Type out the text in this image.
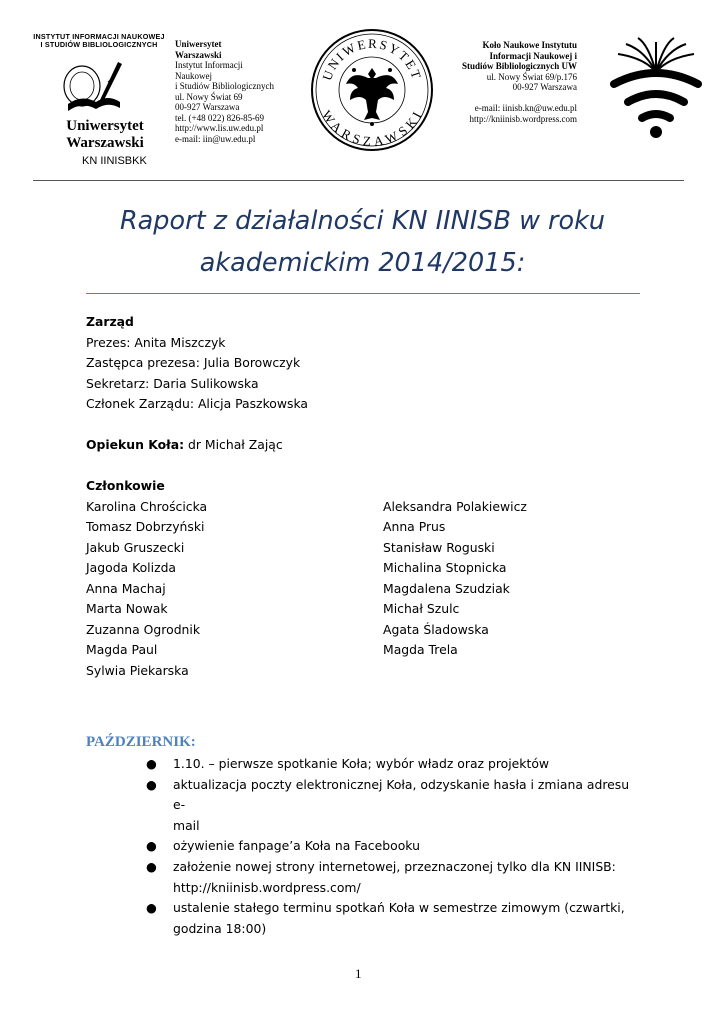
INSTYTUT INFORMACJI NAUKOWEJ
I STUDIÓW BIBLIOLOGICZNYCH
Uniwersytet
Warszawski
KN IINISBKK
Uniwersytet
Warszawski
Instytut Informacji
Naukowej
i Studiów Bibliologicznych
ul. Nowy Świat 69
00-927 Warszawa
tel. (+48 022) 826-85-69
http://www.lis.uw.edu.pl
e-mail: iin@uw.edu.pl
UNIWERSYTET
WARSZAWSKI
Koło Naukowe Instytutu
Informacji Naukowej i
Studiów Bibliologicznych UW
ul. Nowy Świat 69/p.176
00-927 Warszawa
e-mail: iinisb.kn@uw.edu.pl
http://kniinisb.wordpress.com
Raport z działalności KN IINISB w roku
akademickim 2014/2015:
Zarząd
Prezes: Anita Miszczyk
Zastępca prezesa: Julia Borowczyk
Sekretarz: Daria Sulikowska
Członek Zarządu: Alicja Paszkowska
Opiekun Koła: dr Michał Zając
Członkowie
Karolina Chrościcka
Tomasz Dobrzyński
Jakub Gruszecki
Jagoda Kolizda
Anna Machaj
Marta Nowak
Zuzanna Ogrodnik
Magda Paul
Sylwia Piekarska
Aleksandra Polakiewicz
Anna Prus
Stanisław Roguski
Michalina Stopnicka
Magdalena Szudziak
Michał Szulc
Agata Śladowska
Magda Trela
PAŹDZIERNIK:
● 1.10. – pierwsze spotkanie Koła; wybór władz oraz projektów
● aktualizacja poczty elektronicznej Koła, odzyskanie hasła i zmiana adresu e-
mail
● ożywienie fanpage’a Koła na Facebooku
● założenie nowej strony internetowej, przeznaczonej tylko dla KN IINISB:
http://kniinisb.wordpress.com/
● ustalenie stałego terminu spotkań Koła w semestrze zimowym (czwartki,
godzina 18:00)
1
